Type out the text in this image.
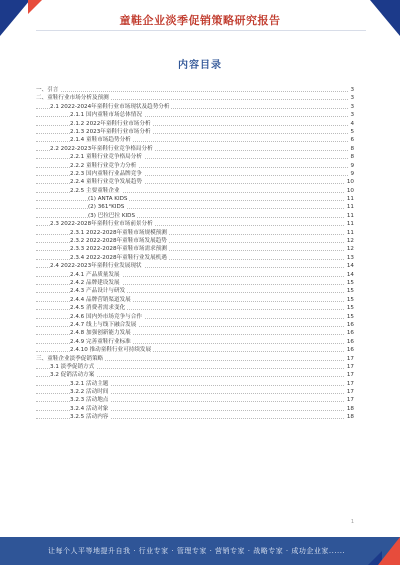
童鞋企业淡季促销策略研究报告
内容目录
一、引言	3
二、童鞋行业市场分析及预测	3
2.1 2022-2024年童鞋行业市场现状及趋势分析	3
2.1.1 国内童鞋市场总体情况	3
2.1.2 2022年童鞋行业市场分析	4
2.1.3 2023年童鞋行业市场分析	5
2.1.4 童鞋市场趋势分析	6
2.2 2022-2023年童鞋行业竞争格局分析	8
2.2.1 童鞋行业竞争格局分析	8
2.2.2 童鞋行业竞争力分析	9
2.2.3 国内童鞋行业品牌竞争	9
2.2.4 童鞋行业竞争发展趋势	10
2.2.5 主要童鞋企业	10
(1) ANTA KIDS	11
(2) 361°KIDS	11
(3) 巴拉巴拉 KIDS	11
2.3 2022-2028年童鞋行业市场前景分析	11
2.3.1 2022-2028年童鞋市场规模预测	11
2.3.2 2022-2028年童鞋市场发展趋势	12
2.3.3 2022-2028年童鞋市场需求预测	12
2.3.4 2022-2028年童鞋行业发展机遇	13
2.4 2022-2023年童鞋行业发展现状	14
2.4.1 产品质量发展	14
2.4.2 品牌建设发展	15
2.4.3 产品设计与研发	15
2.4.4 品牌营销渠道发展	15
2.4.5 消费者需求变化	15
2.4.6 国内外市场竞争与合作	15
2.4.7 线上与线下融合发展	16
2.4.8 加强创新能力发展	16
2.4.9 完善童鞋行业标准	16
2.4.10 推动童鞋行业可持续发展	16
三、童鞋企业淡季促销策略	17
3.1 淡季促销方式	17
3.2 促销活动方案	17
3.2.1 活动主题	17
3.2.2 活动时间	17
3.2.3 活动地点	17
3.2.4 活动对象	18
3.2.5 活动内容	18
1
让每个人平等地提升自我 · 行业专家 · 管理专家 · 营销专家 · 战略专家 · 成功企业家......
